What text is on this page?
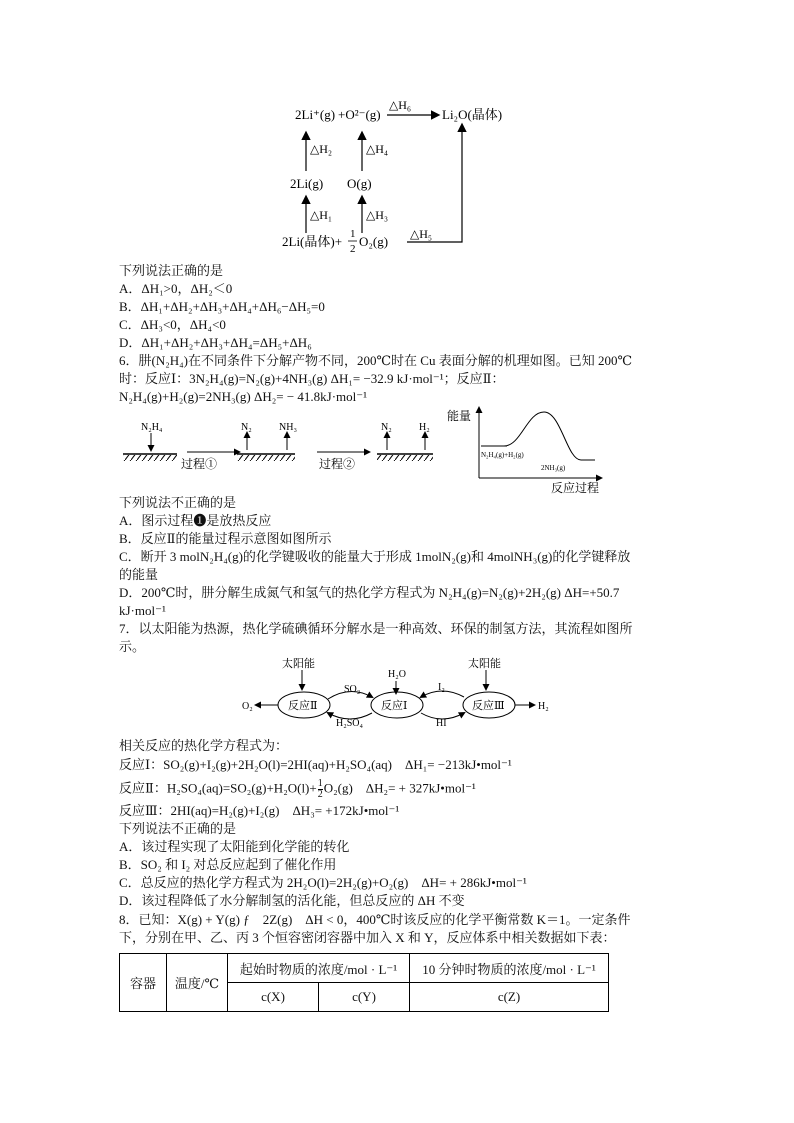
2Li⁺(g) +O²⁻(g)
△H₆
Li₂O(晶体)
△H₂	△H₄
2Li(g) O(g)
△H₁	△H₃
2Li(晶体)+ 1
2 O₂(g) △H₅
下列说法正确的是
A．ΔH₁>0，ΔH₂＜0
B．ΔH₁+ΔH₂+ΔH₃+ΔH₄+ΔH₆−ΔH₅=0
C．ΔH₃<0，ΔH₄<0
D．ΔH₁+ΔH₂+ΔH₃+ΔH₄=ΔH₅+ΔH₆
6．肼(N₂H₄)在不同条件下分解产物不同，200℃时在 Cu 表面分解的机理如图。已知 200℃
时：反应Ⅰ：3N₂H₄(g)=N₂(g)+4NH₃(g) ΔH₁= −32.9 kJ·mol⁻¹；反应Ⅱ：
N₂H₄(g)+H₂(g)=2NH₃(g) ΔH₂= − 41.8kJ·mol⁻¹
N₂H₄
过程①
N₂	NH₃
过程②
N₂	H₂
能量
N₂H₄(g)+H₂(g)
2NH₃(g)
反应过程
下列说法不正确的是
A．图示过程❶是放热反应
B．反应Ⅱ的能量过程示意图如图所示
C．断开 3 molN₂H₄(g)的化学键吸收的能量大于形成 1molN₂(g)和 4molNH₃(g)的化学键释放
的能量
D．200℃时，肼分解生成氮气和氢气的热化学方程式为 N₂H₄(g)=N₂(g)+2H₂(g) ΔH=+50.7
kJ·mol⁻¹
7．以太阳能为热源，热化学硫碘循环分解水是一种高效、环保的制氢方法，其流程如图所
示。
太阳能	太阳能
H₂O
反应Ⅱ	反应Ⅰ	反应Ⅲ
O₂	H₂
SO₂
H₂SO₄
I₂
HI
相关反应的热化学方程式为：
反应Ⅰ：SO₂(g)+I₂(g)+2H₂O(l)=2HI(aq)+H₂SO₄(aq)　ΔH₁= −213kJ•mol⁻¹
反应Ⅱ：$H_2SO_4(aq)=SO_2(g)+H_2O(l)+ \frac{1}{2} O_2(g)$　ΔH₂= + 327kJ•mol⁻¹
反应Ⅲ：2HI(aq)=H₂(g)+I₂(g)　ΔH₃= +172kJ•mol⁻¹
下列说法不正确的是
A．该过程实现了太阳能到化学能的转化
B．SO₂ 和 I₂ 对总反应起到了催化作用
C．总反应的热化学方程式为 2H₂O(l)=2H₂(g)+O₂(g)　ΔH= + 286kJ•mol⁻¹
D．该过程降低了水分解制氢的活化能，但总反应的 ΔH 不变
8．已知：X(g) + Y(g) ƒ　2Z(g)　ΔH < 0，400℃时该反应的化学平衡常数 K＝1。一定条件
下，分别在甲、乙、丙 3 个恒容密闭容器中加入 X 和 Y，反应体系中相关数据如下表：
容器	温度/℃	起始时物质的浓度/mol · L⁻¹		10 分钟时物质的浓度/mol · L⁻¹
		c(X)	c(Y)	c(Z)
